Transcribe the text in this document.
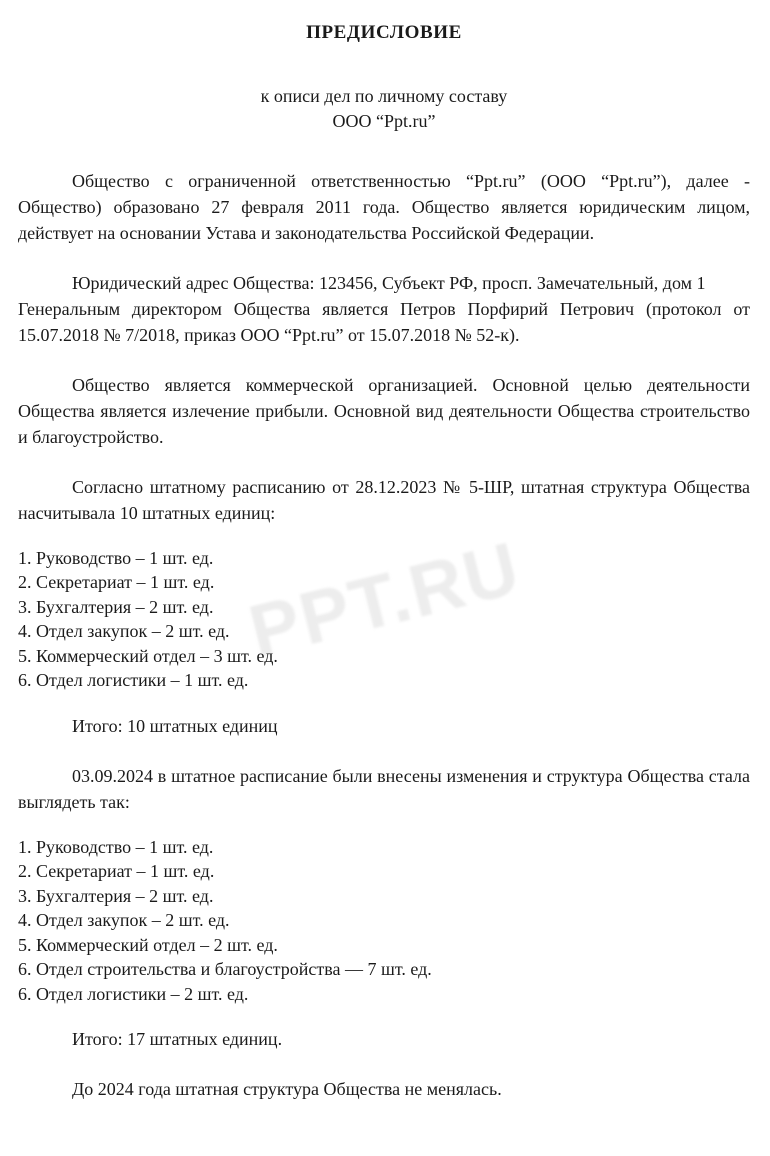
PPT.RU
ПРЕДИСЛОВИЕ
к описи дел по личному составу
ООО “Ppt.ru”

Общество с ограниченной ответственностью “Ppt.ru” (ООО “Ppt.ru”), далее - Общество) образовано 27 февраля 2011 года. Общество является юридическим лицом, действует на основании Устава и законодательства Российской Федерации.

Юридический адрес Общества: 123456, Субъект РФ, просп. Замечательный, дом 1

Генеральным директором Общества является Петров Порфирий Петрович (протокол от 15.07.2018 № 7/2018, приказ ООО “Ppt.ru” от 15.07.2018 № 52-к).

Общество является коммерческой организацией. Основной целью деятельности Общества является излечение прибыли. Основной вид деятельности Общества строительство и благоустройство.

Согласно штатному расписанию от 28.12.2023 № 5-ШР, штатная структура Общества насчитывала 10 штатных единиц:

1. Руководство – 1 шт. ед.
2. Секретариат – 1 шт. ед.
3. Бухгалтерия – 2 шт. ед.
4. Отдел закупок – 2 шт. ед.
5. Коммерческий отдел – 3 шт. ед.
6. Отдел логистики – 1 шт. ед.

Итого: 10 штатных единиц

03.09.2024 в штатное расписание были внесены изменения и структура Общества стала выглядеть так:

1. Руководство – 1 шт. ед.
2. Секретариат – 1 шт. ед.
3. Бухгалтерия – 2 шт. ед.
4. Отдел закупок – 2 шт. ед.
5. Коммерческий отдел – 2 шт. ед.
6. Отдел строительства и благоустройства — 7 шт. ед.
6. Отдел логистики – 2 шт. ед.

Итого: 17 штатных единиц.

До 2024 года штатная структура Общества не менялась.
